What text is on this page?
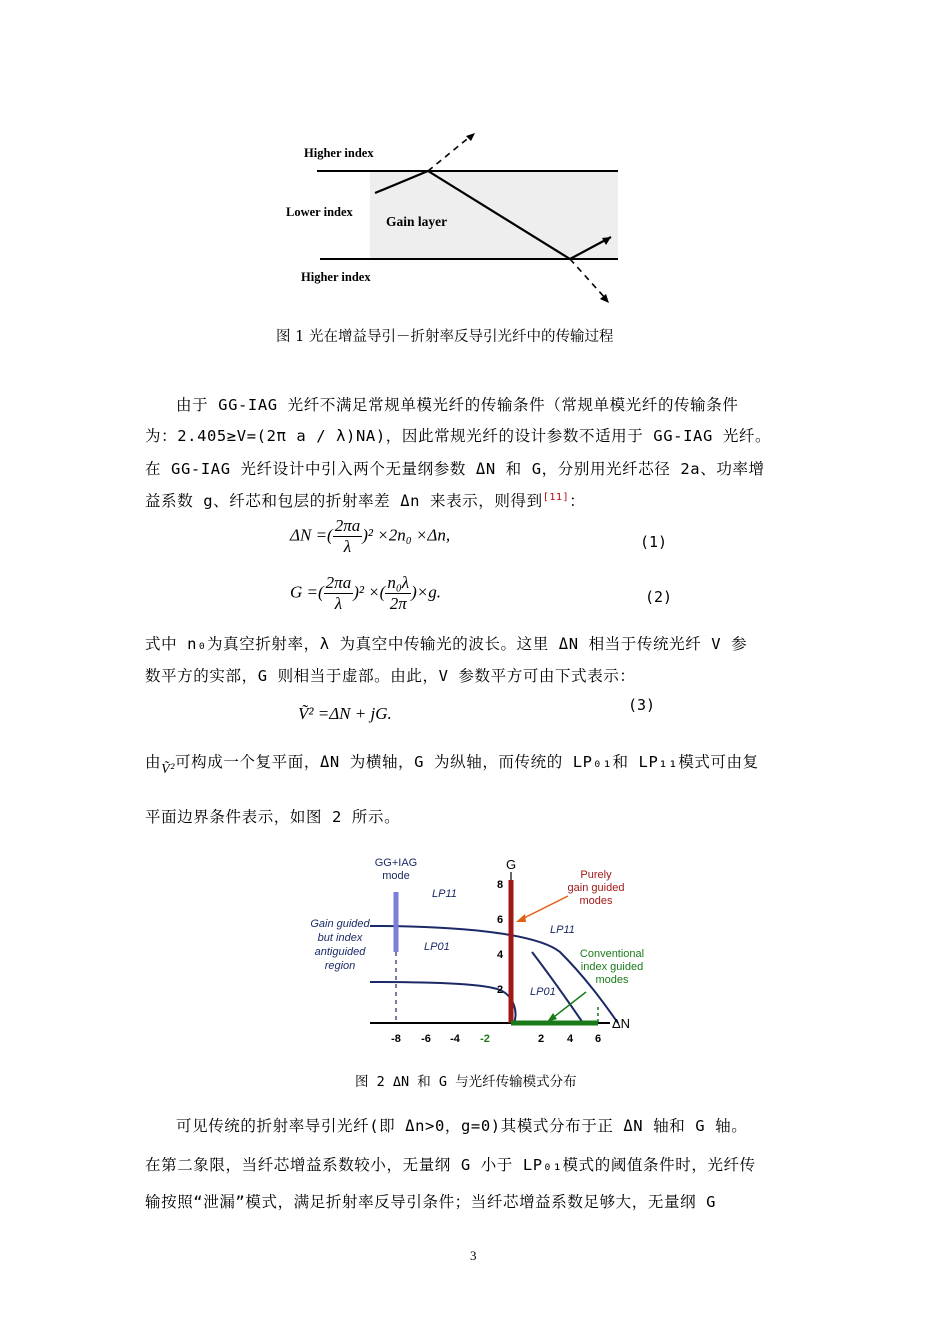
Higher index
Lower index
Gain layer
Higher index
图 1 光在增益导引－折射率反导引光纤中的传输过程
由于 GG-IAG 光纤不满足常规单模光纤的传输条件（常规单模光纤的传输条件
为：2.405≥V=(2π a / λ)NA)，因此常规光纤的设计参数不适用于 GG-IAG 光纤。
在 GG-IAG 光纤设计中引入两个无量纲参数 ΔN 和 G，分别用光纤芯径 2a、功率增
益系数 g、纤芯和包层的折射率差 Δn 来表示，则得到[11]：
ΔN =( $\frac{2\pi a}{\lambda} )^2 \times 2n_0 \times\Delta n$,	(1)
G =( $\frac{2\pi a}{\lambda} )^2$ ×( $\frac{\text{n₀λ}}{2\pi} )\times g$.	(2)
式中 n₀为真空折射率，λ 为真空中传输光的波长。这里 ΔN 相当于传统光纤 V 参
数平方的实部，G 则相当于虚部。由此，V 参数平方可由下式表示：
Ṽ² =ΔN + jG.	(3)
由Ṽ²可构成一个复平面，ΔN 为横轴，G 为纵轴，而传统的 LP₀₁和 LP₁₁模式可由复
平面边界条件表示，如图 2 所示。
GG+IAG
mode
Gain guided
but index
antiguided
region
LP11
LP01
LP11
LP01
Purely
gain guided
modes
Conventional
index guided
modes
G
ΔN
8
6
4
2
-8 -6 -4 -2	2 4 6
图 2 ΔN 和 G 与光纤传输模式分布
可见传统的折射率导引光纤(即 Δn>0，g=0)其模式分布于正 ΔN 轴和 G 轴。
在第二象限，当纤芯增益系数较小，无量纲 G 小于 LP₀₁模式的阈值条件时，光纤传
输按照“泄漏”模式，满足折射率反导引条件；当纤芯增益系数足够大，无量纲 G
3
